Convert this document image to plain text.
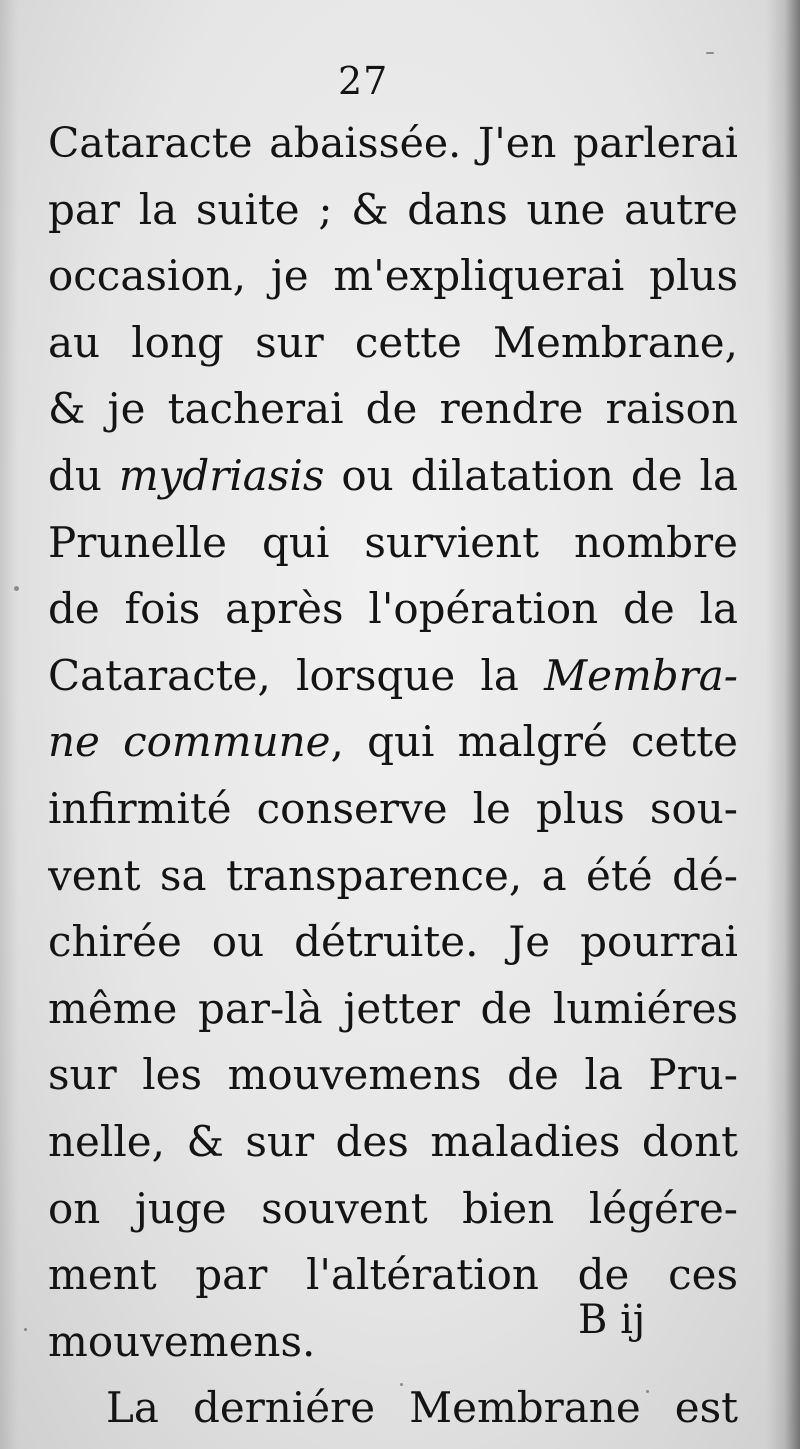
27
Cataracte abaissée. J'en parlerai
par la suite ; & dans une autre
occasion, je m'expliquerai plus
au long sur cette Membrane,
& je tacherai de rendre raison
du mydriasis ou dilatation de la
Prunelle qui survient nombre
de fois après l'opération de la
Cataracte, lorsque la Membra-
ne commune, qui malgré cette
infirmité conserve le plus sou-
vent sa transparence, a été dé-
chirée ou détruite. Je pourrai
même par-là jetter de lumiéres
sur les mouvemens de la Pru-
nelle, & sur des maladies dont
on juge souvent bien légére-
ment par l'altération de ces
mouvemens.
La derniére Membrane est
B ij
